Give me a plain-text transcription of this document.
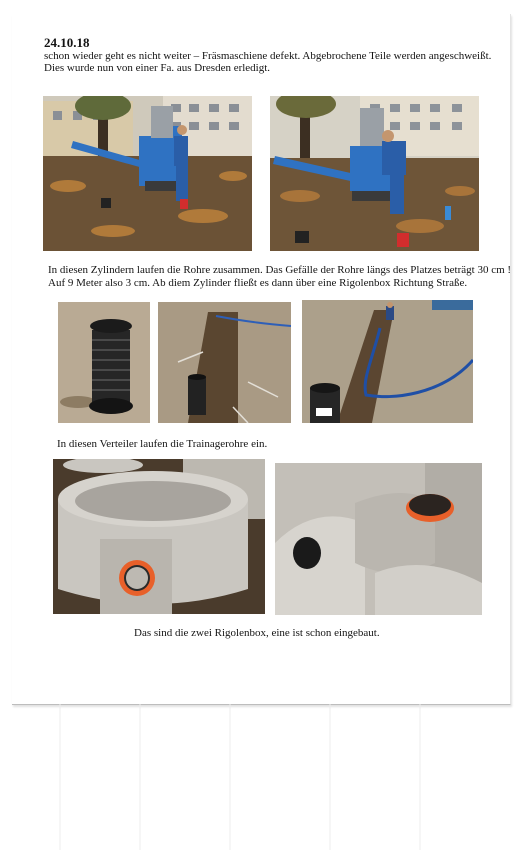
24.10.18
schon wieder geht es nicht weiter – Fräsmaschiene defekt. Abgebrochene Teile werden angeschweißt.
Dies wurde nun von einer Fa. aus Dresden erledigt.
In diesen Zylindern laufen die Rohre zusammen. Das Gefälle der Rohre längs des Platzes beträgt 30 cm !
Auf 9 Meter also 3 cm. Ab diem Zylinder fließt es dann über eine Rigolenbox Richtung Straße.
In diesen Verteiler laufen die Trainagerohre ein.
Das sind die zwei Rigolenbox, eine ist schon eingebaut.
